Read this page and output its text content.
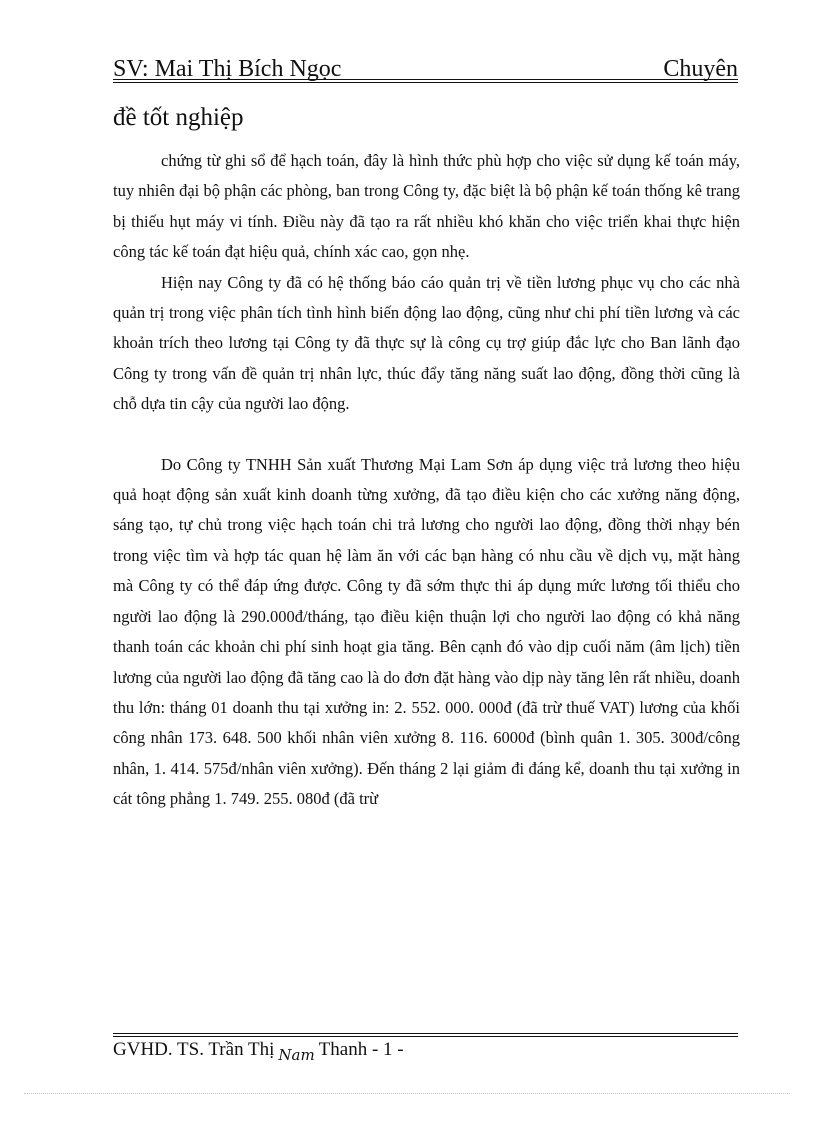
SV: Mai Thị Bích Ngọc	Chuyên
đề tốt nghiệp

chứng từ ghi sổ để hạch toán, đây là hình thức phù hợp cho việc sử dụng kế toán máy, tuy nhiên đại bộ phận các phòng, ban trong Công ty, đặc biệt là bộ phận kế toán thống kê trang bị thiếu hụt máy vi tính. Điều này đã tạo ra rất nhiều khó khăn cho việc triển khai thực hiện công tác kế toán đạt hiệu quả, chính xác cao, gọn nhẹ.

Hiện nay Công ty đã có hệ thống báo cáo quản trị về tiền lương phục vụ cho các nhà quản trị trong việc phân tích tình hình biến động lao động, cũng như chi phí tiền lương và các khoản trích theo lương tại Công ty đã thực sự là công cụ trợ giúp đắc lực cho Ban lãnh đạo Công ty trong vấn đề quản trị nhân lực, thúc đẩy tăng năng suất lao động, đồng thời cũng là chỗ dựa tin cậy của người lao động.

Do Công ty TNHH Sản xuất Thương Mại Lam Sơn áp dụng việc trả lương theo hiệu quả hoạt động sản xuất kinh doanh từng xưởng, đã tạo điều kiện cho các xưởng năng động, sáng tạo, tự chủ trong việc hạch toán chi trả lương cho người lao động, đồng thời nhạy bén trong việc tìm và hợp tác quan hệ làm ăn với các bạn hàng có nhu cầu về dịch vụ, mặt hàng mà Công ty có thể đáp ứng được. Công ty đã sớm thực thi áp dụng mức lương tối thiểu cho người lao động là 290.000đ/tháng, tạo điều kiện thuận lợi cho người lao động có khả năng thanh toán các khoản chi phí sinh hoạt gia tăng. Bên cạnh đó vào dịp cuối năm (âm lịch) tiền lương của người lao động đã tăng cao là do đơn đặt hàng vào dịp này tăng lên rất nhiều, doanh thu lớn: tháng 01 doanh thu tại xưởng in: 2. 552. 000. 000đ (đã trừ thuế VAT) lương của khối công nhân 173. 648. 500 khối nhân viên xưởng 8. 116. 6000đ (bình quân 1. 305. 300đ/công nhân, 1. 414. 575đ/nhân viên xưởng). Đến tháng 2 lại giảm đi đáng kể, doanh thu tại xưởng in cát tông phẳng 1. 749. 255. 080đ (đã trừ

GVHD. TS. Trần Thị $_{Nam}$ Thanh - 1 -
